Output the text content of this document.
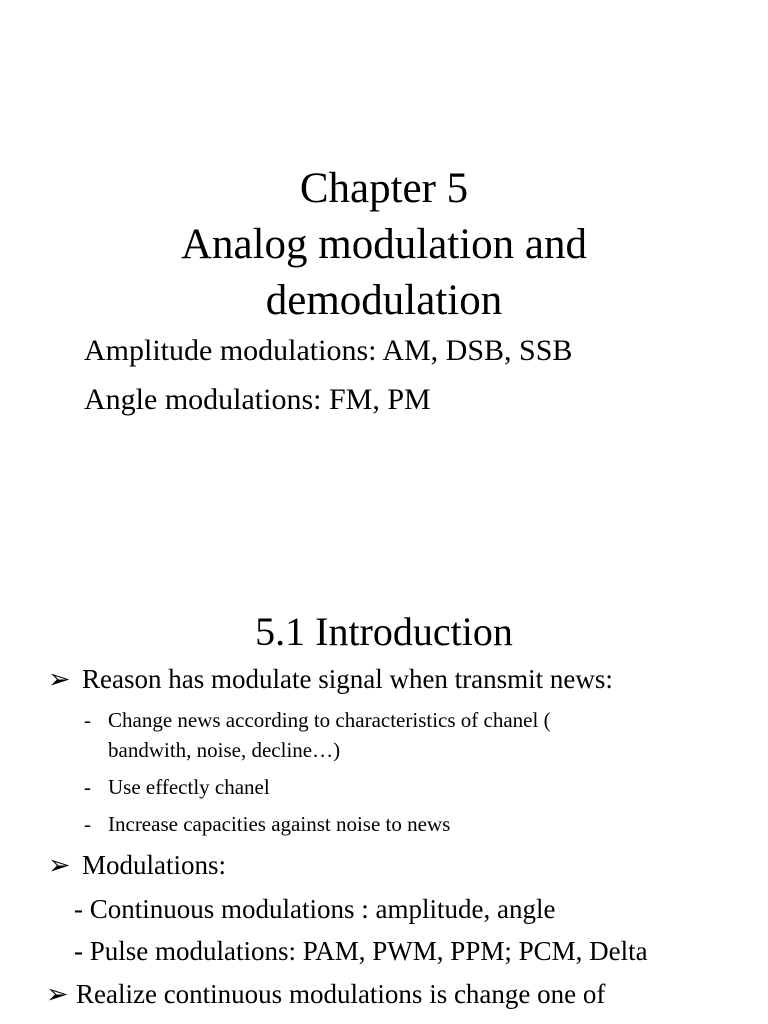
Chapter 5
Analog modulation and
demodulation
Amplitude modulations: AM, DSB, SSB
Angle modulations: FM, PM
5.1 Introduction
➢ Reason has modulate signal when transmit news:
- Change news according to characteristics of chanel (
bandwith, noise, decline…)
- Use effectly chanel
- Increase capacities against noise to news
➢ Modulations:
- Continuous modulations : amplitude, angle
- Pulse modulations: PAM, PWM, PPM; PCM, Delta
➢ Realize continuous modulations is change one of
